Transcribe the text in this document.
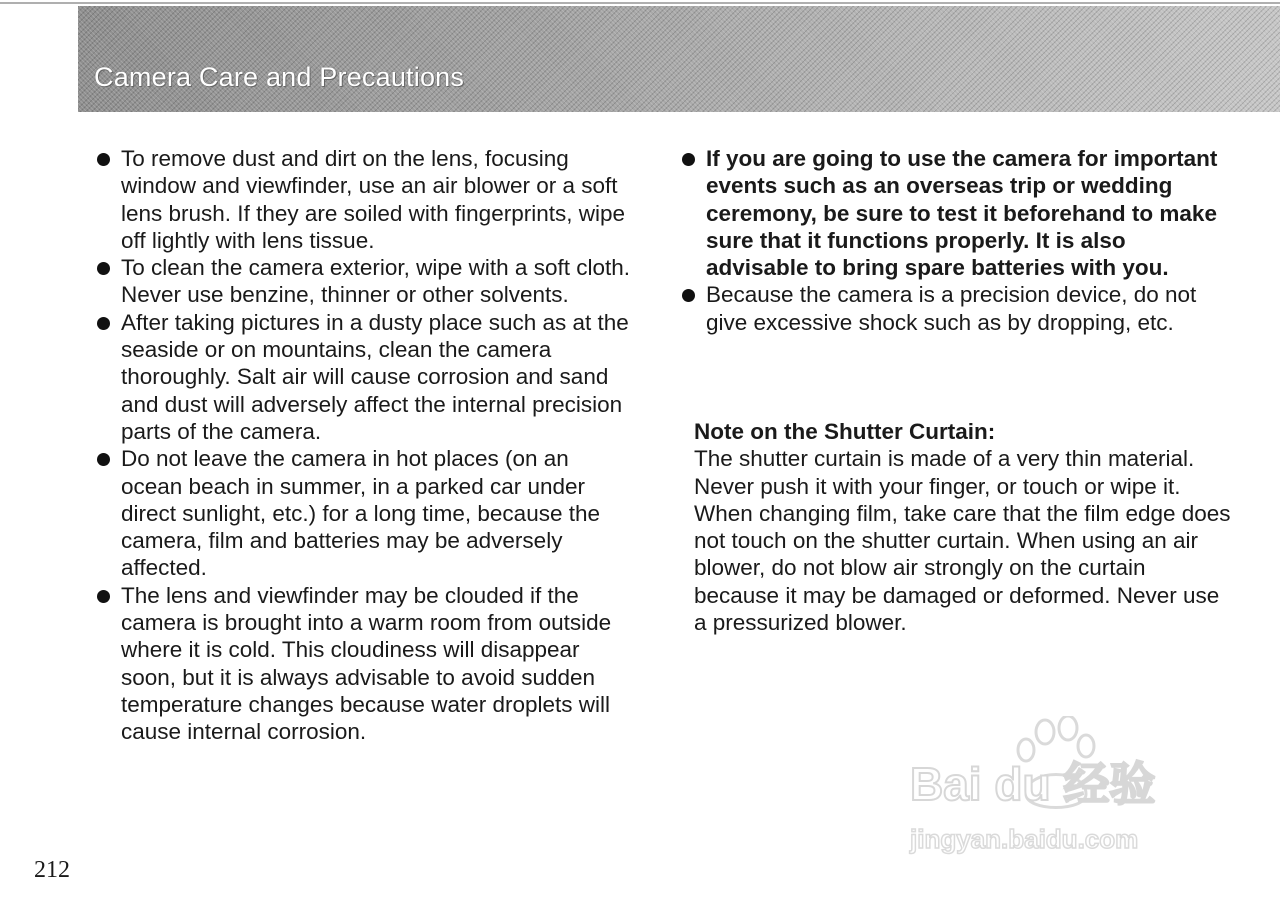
Camera Care and Precautions
To remove dust and dirt on the lens, focusing window and viewfinder, use an air blower or a soft lens brush. If they are soiled with fingerprints, wipe off lightly with lens tissue.
To clean the camera exterior, wipe with a soft cloth. Never use benzine, thinner or other solvents.
After taking pictures in a dusty place such as at the seaside or on mountains, clean the camera thoroughly. Salt air will cause corrosion and sand and dust will adversely affect the internal precision parts of the camera.
Do not leave the camera in hot places (on an ocean beach in summer, in a parked car under direct sunlight, etc.) for a long time, because the camera, film and batteries may be adversely affected.
The lens and viewfinder may be clouded if the camera is brought into a warm room from outside where it is cold. This cloudiness will disappear soon, but it is always advisable to avoid sudden temperature changes because water droplets will cause internal corrosion.
If you are going to use the camera for important events such as an overseas trip or wedding ceremony, be sure to test it beforehand to make sure that it functions properly. It is also advisable to bring spare batteries with you.
Because the camera is a precision device, do not give excessive shock such as by dropping, etc.

Note on the Shutter Curtain:

The shutter curtain is made of a very thin material. Never push it with your finger, or touch or wipe it. When changing film, take care that the film edge does not touch on the shutter curtain. When using an air blower, do not blow air strongly on the curtain because it may be damaged or deformed. Never use a pressurized blower.

212
Bai du 经验
jingyan.baidu.com
